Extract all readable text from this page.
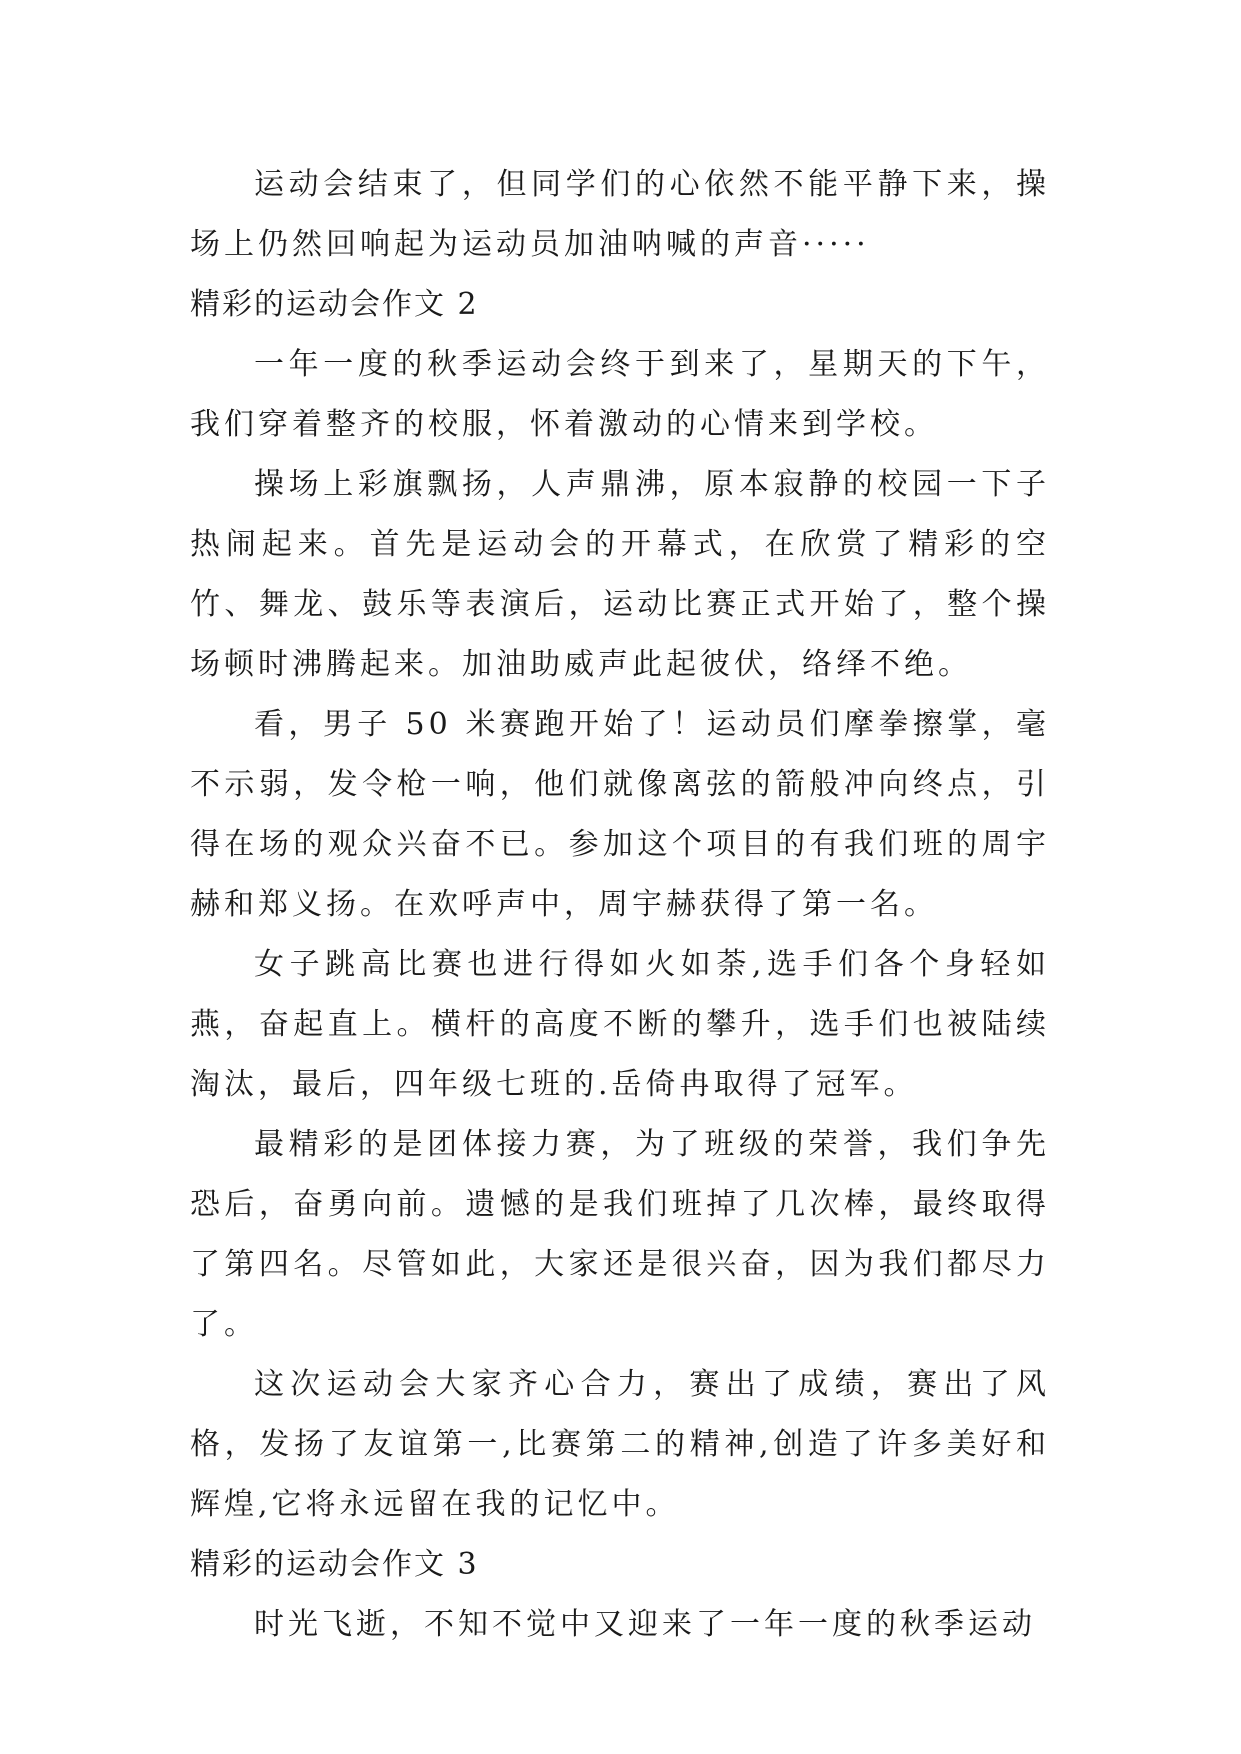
运动会结束了，但同学们的心依然不能平静下来，操场上仍然回响起为运动员加油呐喊的声音·····

精彩的运动会作文 2

一年一度的秋季运动会终于到来了，星期天的下午，我们穿着整齐的校服，怀着激动的心情来到学校。

操场上彩旗飘扬，人声鼎沸，原本寂静的校园一下子热闹起来。首先是运动会的开幕式，在欣赏了精彩的空竹、舞龙、鼓乐等表演后，运动比赛正式开始了，整个操场顿时沸腾起来。加油助威声此起彼伏，络绎不绝。

看，男子 50 米赛跑开始了！运动员们摩拳擦掌，毫不示弱，发令枪一响，他们就像离弦的箭般冲向终点，引得在场的观众兴奋不已。参加这个项目的有我们班的周宇赫和郑义扬。在欢呼声中，周宇赫获得了第一名。

女子跳高比赛也进行得如火如荼,选手们各个身轻如燕，奋起直上。横杆的高度不断的攀升，选手们也被陆续淘汰，最后，四年级七班的.岳倚冉取得了冠军。

最精彩的是团体接力赛，为了班级的荣誉，我们争先恐后，奋勇向前。遗憾的是我们班掉了几次棒，最终取得了第四名。尽管如此，大家还是很兴奋，因为我们都尽力了。

这次运动会大家齐心合力，赛出了成绩，赛出了风格，发扬了友谊第一,比赛第二的精神,创造了许多美好和辉煌,它将永远留在我的记忆中。

精彩的运动会作文 3

时光飞逝，不知不觉中又迎来了一年一度的秋季运动
